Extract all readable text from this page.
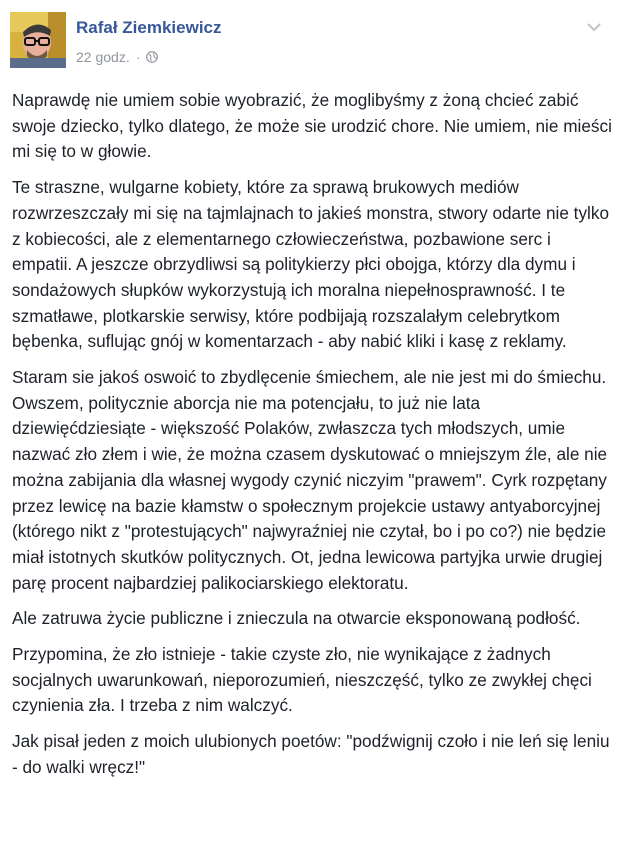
Rafał Ziemkiewicz
22 godz. ·

Naprawdę nie umiem sobie wyobrazić, że moglibyśmy z żoną chcieć zabić swoje dziecko, tylko dlatego, że może sie urodzić chore. Nie umiem, nie mieści mi się to w głowie.

Te straszne, wulgarne kobiety, które za sprawą brukowych mediów rozwrzeszczały mi się na tajmlajnach to jakieś monstra, stwory odarte nie tylko z kobiecości, ale z elementarnego człowieczeństwa, pozbawione serc i empatii. A jeszcze obrzydliwsi są politykierzy płci obojga, którzy dla dymu i sondażowych słupków wykorzystują ich moralna niepełnosprawność. I te szmatławe, plotkarskie serwisy, które podbijają rozszalałym celebrytkom bębenka, suflując gnój w komentarzach - aby nabić kliki i kasę z reklamy.

Staram sie jakoś oswoić to zbydlęcenie śmiechem, ale nie jest mi do śmiechu. Owszem, politycznie aborcja nie ma potencjału, to już nie lata dziewięćdziesiąte - większość Polaków, zwłaszcza tych młodszych, umie nazwać zło złem i wie, że można czasem dyskutować o mniejszym źle, ale nie można zabijania dla własnej wygody czynić niczyim "prawem". Cyrk rozpętany przez lewicę na bazie kłamstw o społecznym projekcie ustawy antyaborcyjnej (którego nikt z "protestujących" najwyraźniej nie czytał, bo i po co?) nie będzie miał istotnych skutków politycznych. Ot, jedna lewicowa partyjka urwie drugiej parę procent najbardziej palikociarskiego elektoratu.

Ale zatruwa życie publiczne i znieczula na otwarcie eksponowaną podłość.

Przypomina, że zło istnieje - takie czyste zło, nie wynikające z żadnych socjalnych uwarunkowań, nieporozumień, nieszczęść, tylko ze zwykłej chęci czynienia zła. I trzeba z nim walczyć.

Jak pisał jeden z moich ulubionych poetów: "podźwignij czoło i nie leń się leniu - do walki wręcz!"
